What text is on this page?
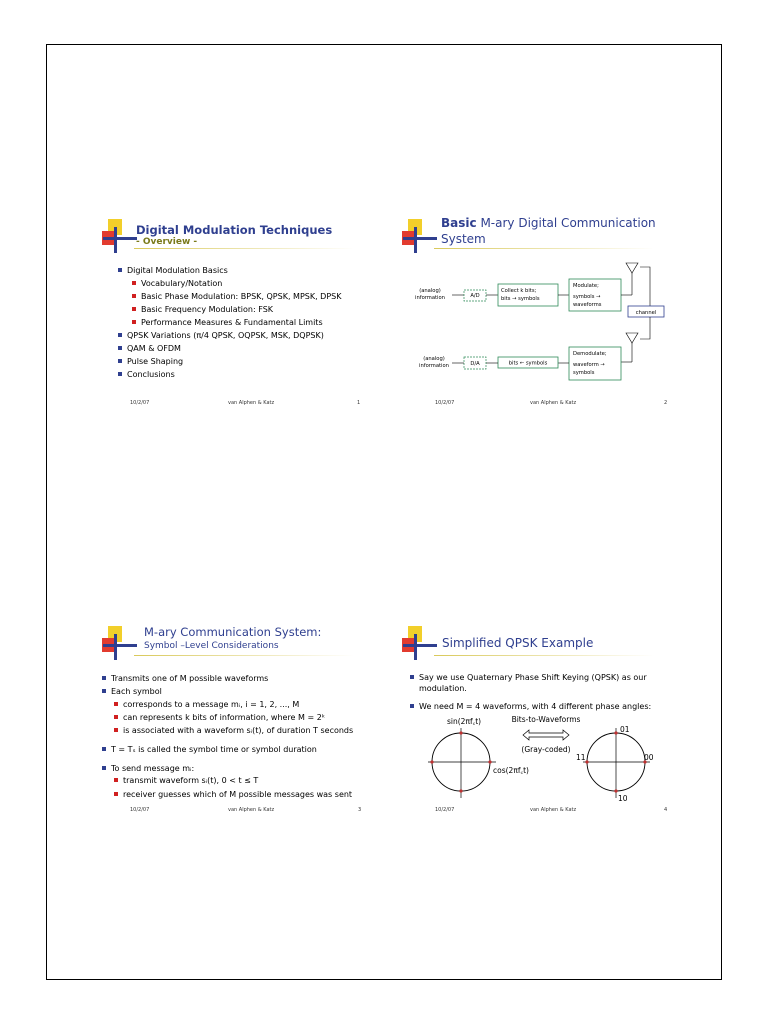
Digital Modulation Techniques
- Overview -
Digital Modulation Basics
Vocabulary/Notation
Basic Phase Modulation: BPSK, QPSK, MPSK, DPSK
Basic Frequency Modulation: FSK
Performance Measures & Fundamental Limits
QPSK Variations (π/4 QPSK, OQPSK, MSK, DQPSK)
QAM & OFDM
Pulse Shaping
Conclusions
10/2/07	van Alphen & Katz	1
Basic M-ary Digital Communication
System
(analog)
information	A/D
Collect k bits;
bits → symbols
Modulate;
symbols →
waveforms
channel
Demodulate;
waveform →
symbols
bits ← symbols
D/A
(analog)
information
10/2/07	van Alphen & Katz	2
M-ary Communication System:
Symbol –Level Considerations
Transmits one of M possible waveforms
Each symbol
corresponds to a message mᵢ, i = 1, 2, ..., M
can represents k bits of information, where M = 2ᵏ
is associated with a waveform sᵢ(t), of duration T seconds
T = Tₛ is called the symbol time or symbol duration
To send message mᵢ:
transmit waveform sᵢ(t), 0 < t ≤ T
receiver guesses which of M possible messages was sent
10/2/07	van Alphen & Katz	3
Simplified QPSK Example
Say we use Quaternary Phase Shift Keying (QPSK) as our
modulation.
We need M = 4 waveforms, with 4 different phase angles:
sin(2πf꜀t)
cos(2πf꜀t)
Bits-to-Waveforms
(Gray-coded)
01
00
11
10
10/2/07	van Alphen & Katz	4
